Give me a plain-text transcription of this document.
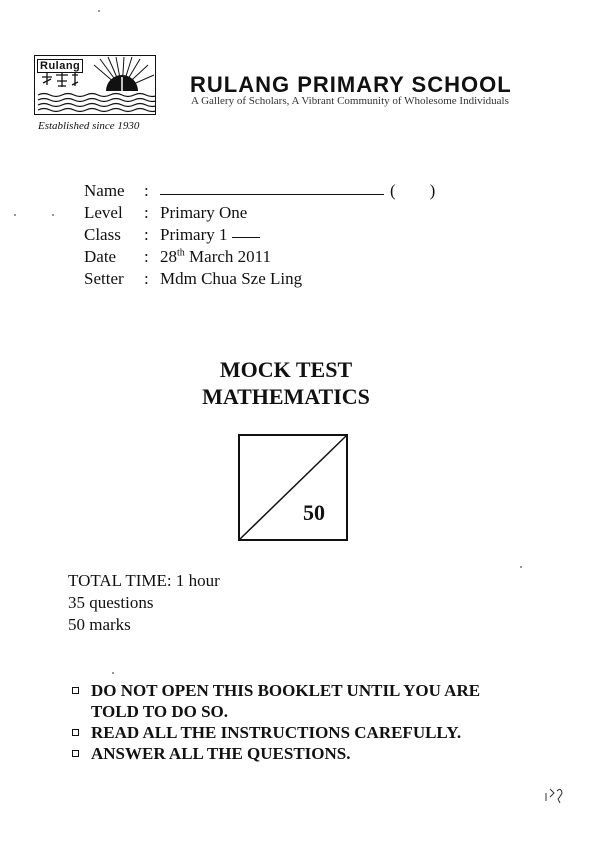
Rulang
Established since 1930
RULANG PRIMARY SCHOOL
A Gallery of Scholars, A Vibrant Community of Wholesome Individuals
Name	:	( )
Level	: Primary One
Class	: Primary 1
Date	: 28th March 2011
Setter	: Mdm Chua Sze Ling
MOCK TEST
MATHEMATICS
50
TOTAL TIME: 1 hour
35 questions
50 marks
DO NOT OPEN THIS BOOKLET UNTIL YOU ARE TOLD TO DO SO.
READ ALL THE INSTRUCTIONS CAREFULLY.
ANSWER ALL THE QUESTIONS.
